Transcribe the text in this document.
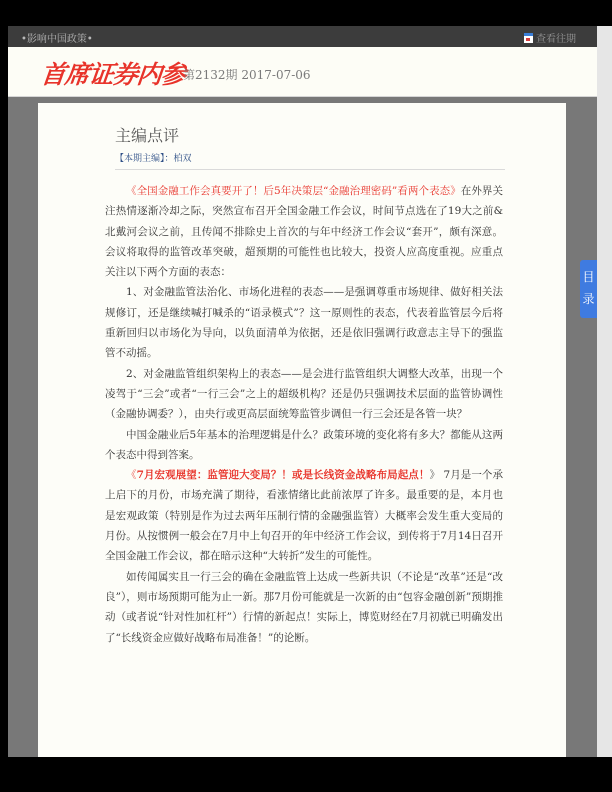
•影响中国政策•	查看往期
首席证券内参
第2132期 2017-07-06
主编点评
【本期主编】：柏双

《全国金融工作会真要开了！后5年决策层“金融治理密码”看两个表态》在外界关注热情逐渐冷却之际，突然宣布召开全国金融工作会议，时间节点选在了19大之前&北戴河会议之前，且传闻不排除史上首次的与年中经济工作会议“套开”，颇有深意。会议将取得的监管改革突破，超预期的可能性也比较大，投资人应高度重视。应重点关注以下两个方面的表态：

1、对金融监管法治化、市场化进程的表态——是强调尊重市场规律、做好相关法规修订，还是继续喊打喊杀的“语录模式”？这一原则性的表态，代表着监管层今后将重新回归以市场化为导向，以负面清单为依据，还是依旧强调行政意志主导下的强监管不动摇。

2、对金融监管组织架构上的表态——是会进行监管组织大调整大改革，出现一个凌驾于“三会”或者“一行三会”之上的超级机构？还是仍只强调技术层面的监管协调性（金融协调委？），由央行或更高层面统筹监管步调但一行三会还是各管一块？

中国金融业后5年基本的治理逻辑是什么？政策环境的变化将有多大？都能从这两个表态中得到答案。

《7月宏观展望：监管迎大变局？！或是长线资金战略布局起点！》 7月是一个承上启下的月份，市场充满了期待，看涨情绪比此前浓厚了许多。最重要的是，本月也是宏观政策（特别是作为过去两年压制行情的金融强监管）大概率会发生重大变局的月份。从按惯例一般会在7月中上旬召开的年中经济工作会议，到传将于7月14日召开全国金融工作会议，都在暗示这种“大转折”发生的可能性。

如传闻属实且一行三会的确在金融监管上达成一些新共识（不论是“改革”还是“改良”），则市场预期可能为止一新。那7月份可能就是一次新的由“包容金融创新”预期推动（或者说“针对性加杠杆”）行情的新起点！实际上，博览财经在7月初就已明确发出了“长线资金应做好战略布局准备！”的论断。

目
录
